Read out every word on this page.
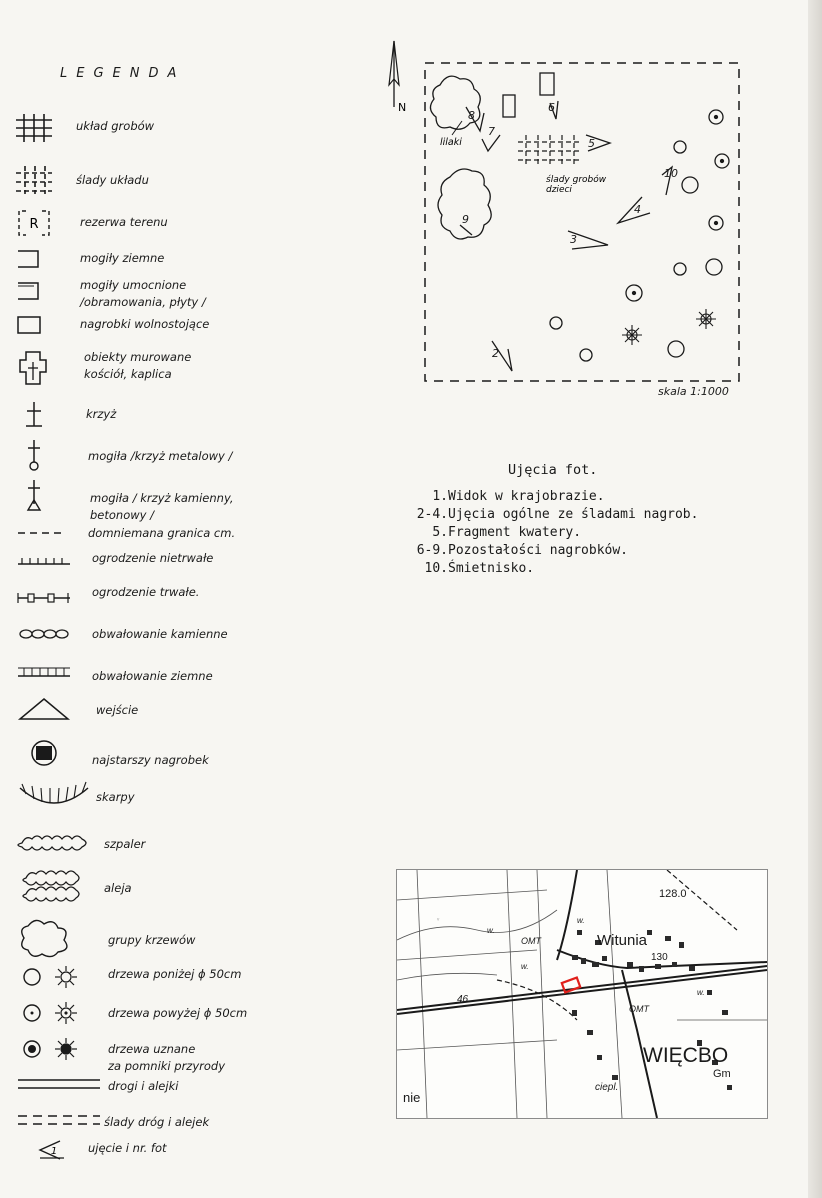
LEGENDA
R
1
układ grobów
ślady układu
rezerwa terenu
mogiły ziemne
mogiły umocnione
/obramowania, płyty /
nagrobki wolnostojące
obiekty murowane
kościół, kaplica
krzyż
mogiła /krzyż metalowy /
mogiła / krzyż kamienny,
betonowy /
domniemana granica cm.
ogrodzenie nietrwałe
ogrodzenie trwałe.
obwałowanie kamienne
obwałowanie ziemne
wejście
najstarszy nagrobek
skarpy
szpaler
aleja
grupy krzewów
drzewa poniżej ϕ 50cm
drzewa powyżej ϕ 50cm
drzewa uznane
za pomniki przyrody
drogi i alejki
ślady dróg i alejek
ujęcie i nr. fot
N
lilaki
ślady grobów dzieci
8
7
6
5
10
4
3
2
9
skala 1:1000
Ujęcia fot.
1.Widok w krajobrazie.
2-4.Ujęcia ogólne ze śladami nagrob.
5.Fragment kwatery.
6-9.Pozostałości nagrobków.
10.Śmietnisko.
ᵥ
Witunia
128.0
130
OMT
OMT
46
WIĘCBO
Gm
w.
w.
w.
w.
ciepl.
nie
